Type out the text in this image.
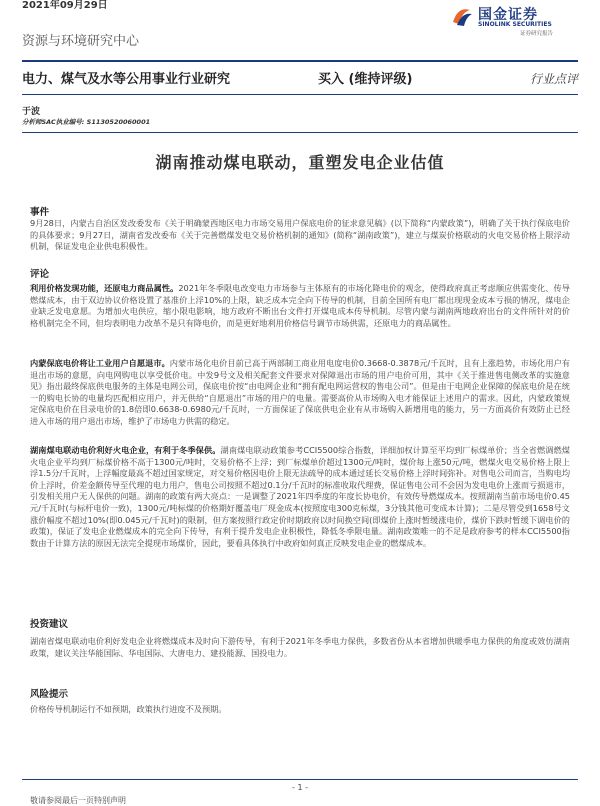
2021年09月29日
国金证券
SINOLINK SECURITIES
证券研究报告
资源与环境研究中心
电力、煤气及水等公用事业行业研究	买入 (维持评级)	行业点评
于波
分析师SAC执业编号: S1130520060001
湖南推动煤电联动，重塑发电企业估值
事件

9月28日，内蒙古自治区发改委发布《关于明确蒙西地区电力市场交易用户保底电价的征求意见稿》(以下简称“内蒙政策”)，明确了关于执行保底电价的具体要求；9月27日，湖南省发改委布《关于完善燃煤发电交易价格机制的通知》(简称“湖南政策”)，建立与煤炭价格联动的火电交易价格上限浮动机制，保证发电企业供电积极性。

评论

利用价格发现功能，还原电力商品属性。2021年冬季限电改变电力市场参与主体原有的市场化降电价的观念，使得政府真正考虑顺应供需变化、传导燃煤成本，由于双边协议价格设置了基准价上浮10%的上限，缺乏成本完全向下传导的机制，目前全国所有电厂都出现现金成本亏损的情况，煤电企业缺乏发电意愿。为增加火电供应，缩小限电影响，地方政府不断出台文件打开煤电成本传导机制。尽管内蒙与湖南两地政府出台的文件所针对的价格机制完全不同，但均表明电力改革不是只有降电价，而是更好地利用价格信号调节市场供需，还原电力的商品属性。

内蒙保底电价将让工业用户自愿退市。内蒙市场化电价目前已高于两部制工商业用电度电价0.3668-0.3878元/千瓦时，且有上涨趋势，市场化用户有退出市场的意愿，向电网购电以享受低价电。中发9号文及相关配套文件要求对保障退出市场的用户电价可用，其中《关于推进售电侧改革的实施意见》指出最终保底供电服务的主体是电网公司，保底电价按“由电网企业和“拥有配电网运营权的售电公司”。但是由于电网企业保障的保底电价是在统一的购电长协的电量均匹配相应用户，并无供给“自愿退出”市场的用户的电量。需要高价从市场购入电才能保证上述用户的需求。因此，内蒙政策规定保底电价在目录电价的1.8倍即0.6638-0.6980元/千瓦时，一方面保证了保底供电企业有从市场购入新增用电的能力，另一方面高价有效防止已经进入市场的用户退出市场，维护了市场电力供需的稳定。

湖南煤电联动电价利好火电企业，有利于冬季保供。湖南煤电联动政策参考CCI5500综合指数，详细加权计算至平均到厂标煤单价；当全省燃调燃煤火电企业平均到厂标煤价格不高于1300元/吨时，交易价格不上浮；到厂标煤单价超过1300元/吨时，煤价每上涨50元/吨，燃煤火电交易价格上限上浮1.5分/千瓦时，上浮幅度最高不超过国家规定，对交易价格因电价上限无法疏导的成本通过延长交易价格上浮时间弥补。对售电公司而言，当购电均价上浮时，价差金额传导至代理的电力用户，售电公司按照不超过0.1分/千瓦时的标准收取代理费，保证售电公司不会因为发电电价上涨而亏损退市，引发相关用户无人保供的问题。湖南的政策有两大亮点：一是调整了2021年四季度的年度长协电价，有效传导燃煤成本。按照湖南当前市场电价0.45元/千瓦时(与标杆电价一致)，1300元/吨标煤的价格期好覆盖电厂现金成本(按照度电300克标煤，3分钱其他可变成本计算)；二是尽管受到1658号文涨价幅度不超过10%(即0.045元/千瓦时)的限制，但方案按照行政定价时期政府以时间换空间(即煤价上涨时暂缓涨电价，煤价下跌时暂缓下调电价的政策)，保证了发电企业燃煤成本的完全向下传导，有利于提升发电企业积极性，降低冬季限电量。湖南政策唯一的不足是政府参考的样本CCI5500指数由于计算方法的原因无法完全提现市场煤价，因此，要看具体执行中政府如何真正反映发电企业的燃煤成本。

投资建议

湖南省煤电联动电价利好发电企业将燃煤成本及时向下游传导，有利于2021年冬季电力保供，多数省份从本省增加供暖季电力保供的角度或效仿湖南政策，建议关注华能国际、华电国际、大唐电力、建投能源、国投电力。

风险提示

价格传导机制运行不如预期，政策执行进度不及预期。

- 1 -
敬请参阅最后一页特别声明
